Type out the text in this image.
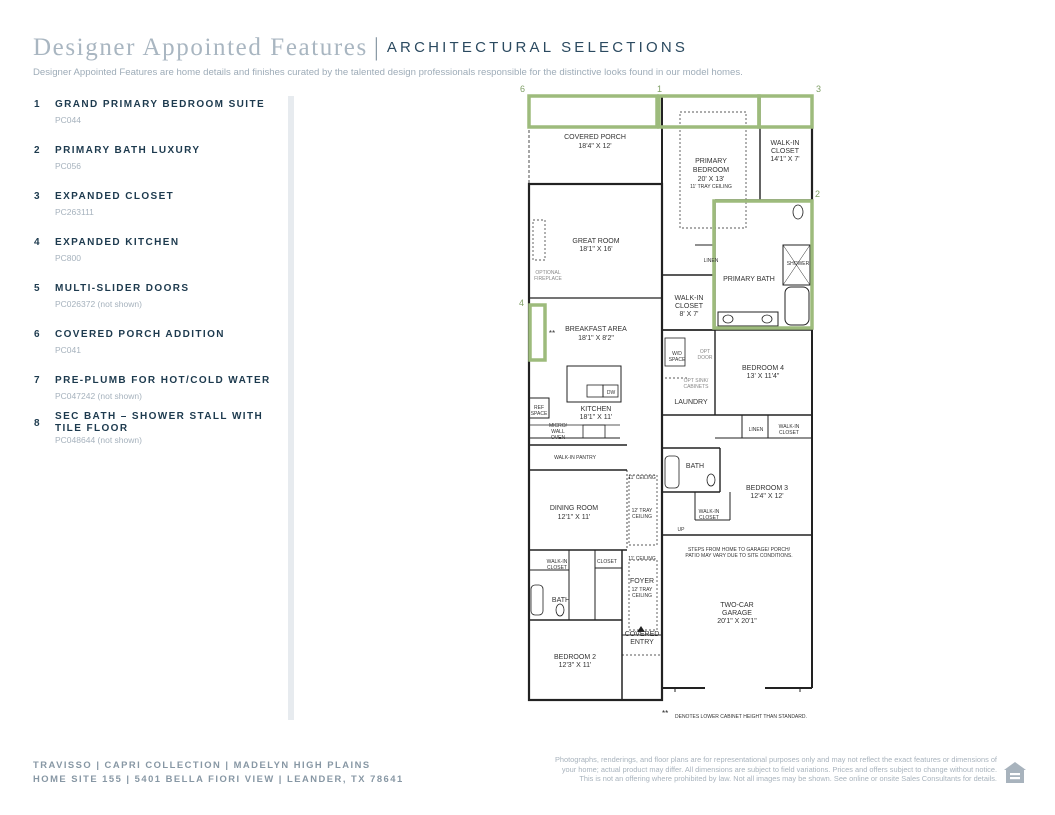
Designer Appointed Features | ARCHITECTURAL SELECTIONS
Designer Appointed Features are home details and finishes curated by the talented design professionals responsible for the distinctive looks found in our model homes.
1 GRAND PRIMARY BEDROOM SUITE
PC044
2 PRIMARY BATH LUXURY
PC056
3 EXPANDED CLOSET
PC263111
4 EXPANDED KITCHEN
PC800
5 MULTI-SLIDER DOORS
PC026372 (not shown)
6 COVERED PORCH ADDITION
PC041
7 PRE-PLUMB FOR HOT/COLD WATER
PC047242 (not shown)
8
SEC BATH – SHOWER STALL WITH TILE FLOOR
PC048644 (not shown)
6	1	3
2
4
COVERED PORCH
18'4" X 12'
PRIMARY
BEDROOM
20' X 13'
11' TRAY CEILING
WALK-IN
CLOSET
14'1" X 7'
GREAT ROOM
18'1" X 16'
OPTIONAL
FIREPLACE
LINEN
PRIMARY BATH
SHOWER
WALK-IN
CLOSET
8' X 7'
BREAKFAST AREA
18'1" X 8'2"
**
W/D
SPACE
OPT
DOOR
OPT SINK/
CABINETS
LAUNDRY
BEDROOM 4
13' X 11'4"
DW
REF
SPACE
KITCHEN
18'1" X 11'
MICRO/
WALL
OVEN
LINEN	WALK-IN
CLOSET
WALK-IN PANTRY
BATH
11' CEILING
BEDROOM 3
12'4" X 12'
DINING ROOM
12'1" X 11'
12' TRAY
CEILING
WALK-IN
CLOSET
UP
STEPS FROM HOME TO GARAGE/ PORCH/
PATIO MAY VARY DUE TO SITE CONDITIONS.
WALK-IN
CLOSET
CLOSET 11' CEILING
FOYER
12' TRAY
CEILING
BATH
TWO-CAR
GARAGE
20'1" X 20'1"
COVERED
ENTRY
BEDROOM 2
12'3" X 11'
** DENOTES LOWER CABINET HEIGHT THAN STANDARD.
TRAVISSO | CAPRI COLLECTION | MADELYN HIGH PLAINS
HOME SITE 155 | 5401 BELLA FIORI VIEW | LEANDER, TX 78641
Photographs, renderings, and floor plans are for representational purposes only and may not reflect the exact features or dimensions of
your home; actual product may differ. All dimensions are subject to field variations. Prices and offers subject to change without notice.
This is not an offering where prohibited by law. Not all images may be shown. See online or onsite Sales Consultants for details.
